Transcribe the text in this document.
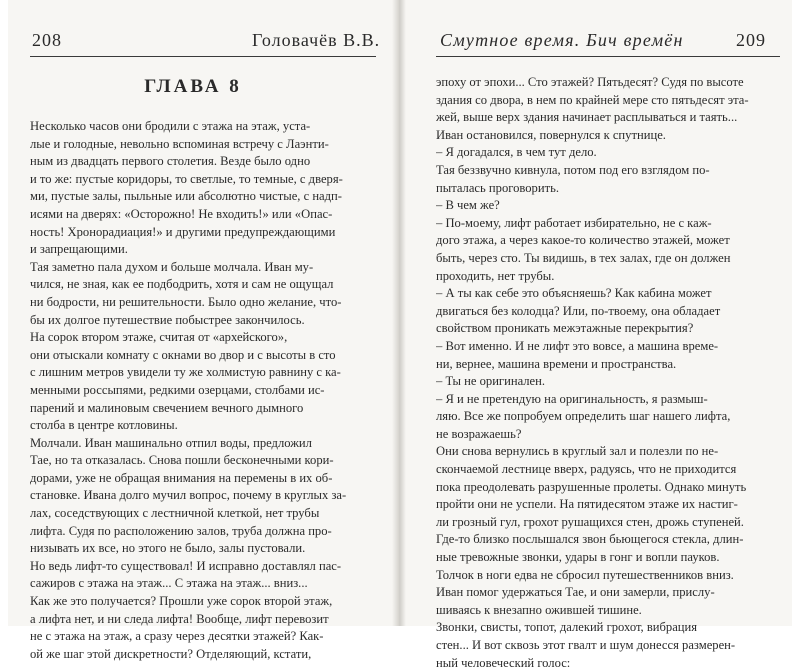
208	Головачёв В.В.
ГЛАВА 8
Несколько часов они бродили с этажа на этаж, уста-
лые и голодные, невольно вспоминая встречу с Лаэнти-
ным из двадцать первого столетия. Везде было одно
и то же: пустые коридоры, то светлые, то темные, с дверя-
ми, пустые залы, пыльные или абсолютно чистые, с надп-
исями на дверях: «Осторожно! Не входить!» или «Опас-
ность! Хронорадиация!» и другими предупреждающими
и запрещающими.
Тая заметно пала духом и больше молчала. Иван му-
чился, не зная, как ее подбодрить, хотя и сам не ощущал
ни бодрости, ни решительности. Было одно желание, что-
бы их долгое путешествие побыстрее закончилось.
На сорок втором этаже, считая от «архейского»,
они отыскали комнату с окнами во двор и с высоты в сто
с лишним метров увидели ту же холмистую равнину с ка-
менными россыпями, редкими озерцами, столбами ис-
парений и малиновым свечением вечного дымного
столба в центре котловины.
Молчали. Иван машинально отпил воды, предложил
Тае, но та отказалась. Снова пошли бесконечными кори-
дорами, уже не обращая внимания на перемены в их об-
становке. Ивана долго мучил вопрос, почему в круглых за-
лах, соседствующих с лестничной клеткой, нет трубы
лифта. Судя по расположению залов, труба должна про-
низывать их все, но этого не было, залы пустовали.
Но ведь лифт-то существовал! И исправно доставлял пас-
сажиров с этажа на этаж... С этажа на этаж... вниз...
Как же это получается? Прошли уже сорок второй этаж,
а лифта нет, и ни следа лифта! Вообще, лифт перевозит
не с этажа на этаж, а сразу через десятки этажей? Как-
ой же шаг этой дискретности? Отделяющий, кстати,
Смутное время. Бич времён	209
эпоху от эпохи... Сто этажей? Пятьдесят? Судя по высоте
здания со двора, в нем по крайней мере сто пятьдесят эта-
жей, выше верх здания начинает расплываться и таять...
Иван остановился, повернулся к спутнице.
– Я догадался, в чем тут дело.
Тая беззвучно кивнула, потом под его взглядом по-
пыталась проговорить.
– В чем же?
– По-моему, лифт работает избирательно, не с каж-
дого этажа, а через какое-то количество этажей, может
быть, через сто. Ты видишь, в тех залах, где он должен
проходить, нет трубы.
– А ты как себе это объясняешь? Как кабина может
двигаться без колодца? Или, по-твоему, она обладает
свойством проникать межэтажные перекрытия?
– Вот именно. И не лифт это вовсе, а машина време-
ни, вернее, машина времени и пространства.
– Ты не оригинален.
– Я и не претендую на оригинальность, я размыш-
ляю. Все же попробуем определить шаг нашего лифта,
не возражаешь?
Они снова вернулись в круглый зал и полезли по не-
скончаемой лестнице вверх, радуясь, что не приходится
пока преодолевать разрушенные пролеты. Однако минуть
пройти они не успели. На пятидесятом этаже их настиг-
ли грозный гул, грохот рушащихся стен, дрожь ступеней.
Где-то близко послышался звон бьющегося стекла, длин-
ные тревожные звонки, удары в гонг и вопли пауков.
Толчок в ноги едва не сбросил путешественников вниз.
Иван помог удержаться Тае, и они замерли, прислу-
шиваясь к внезапно ожившей тишине.
Звонки, свисты, топот, далекий грохот, вибрация
стен... И вот сквозь этот гвалт и шум донесся размерен-
ный человеческий голос:
